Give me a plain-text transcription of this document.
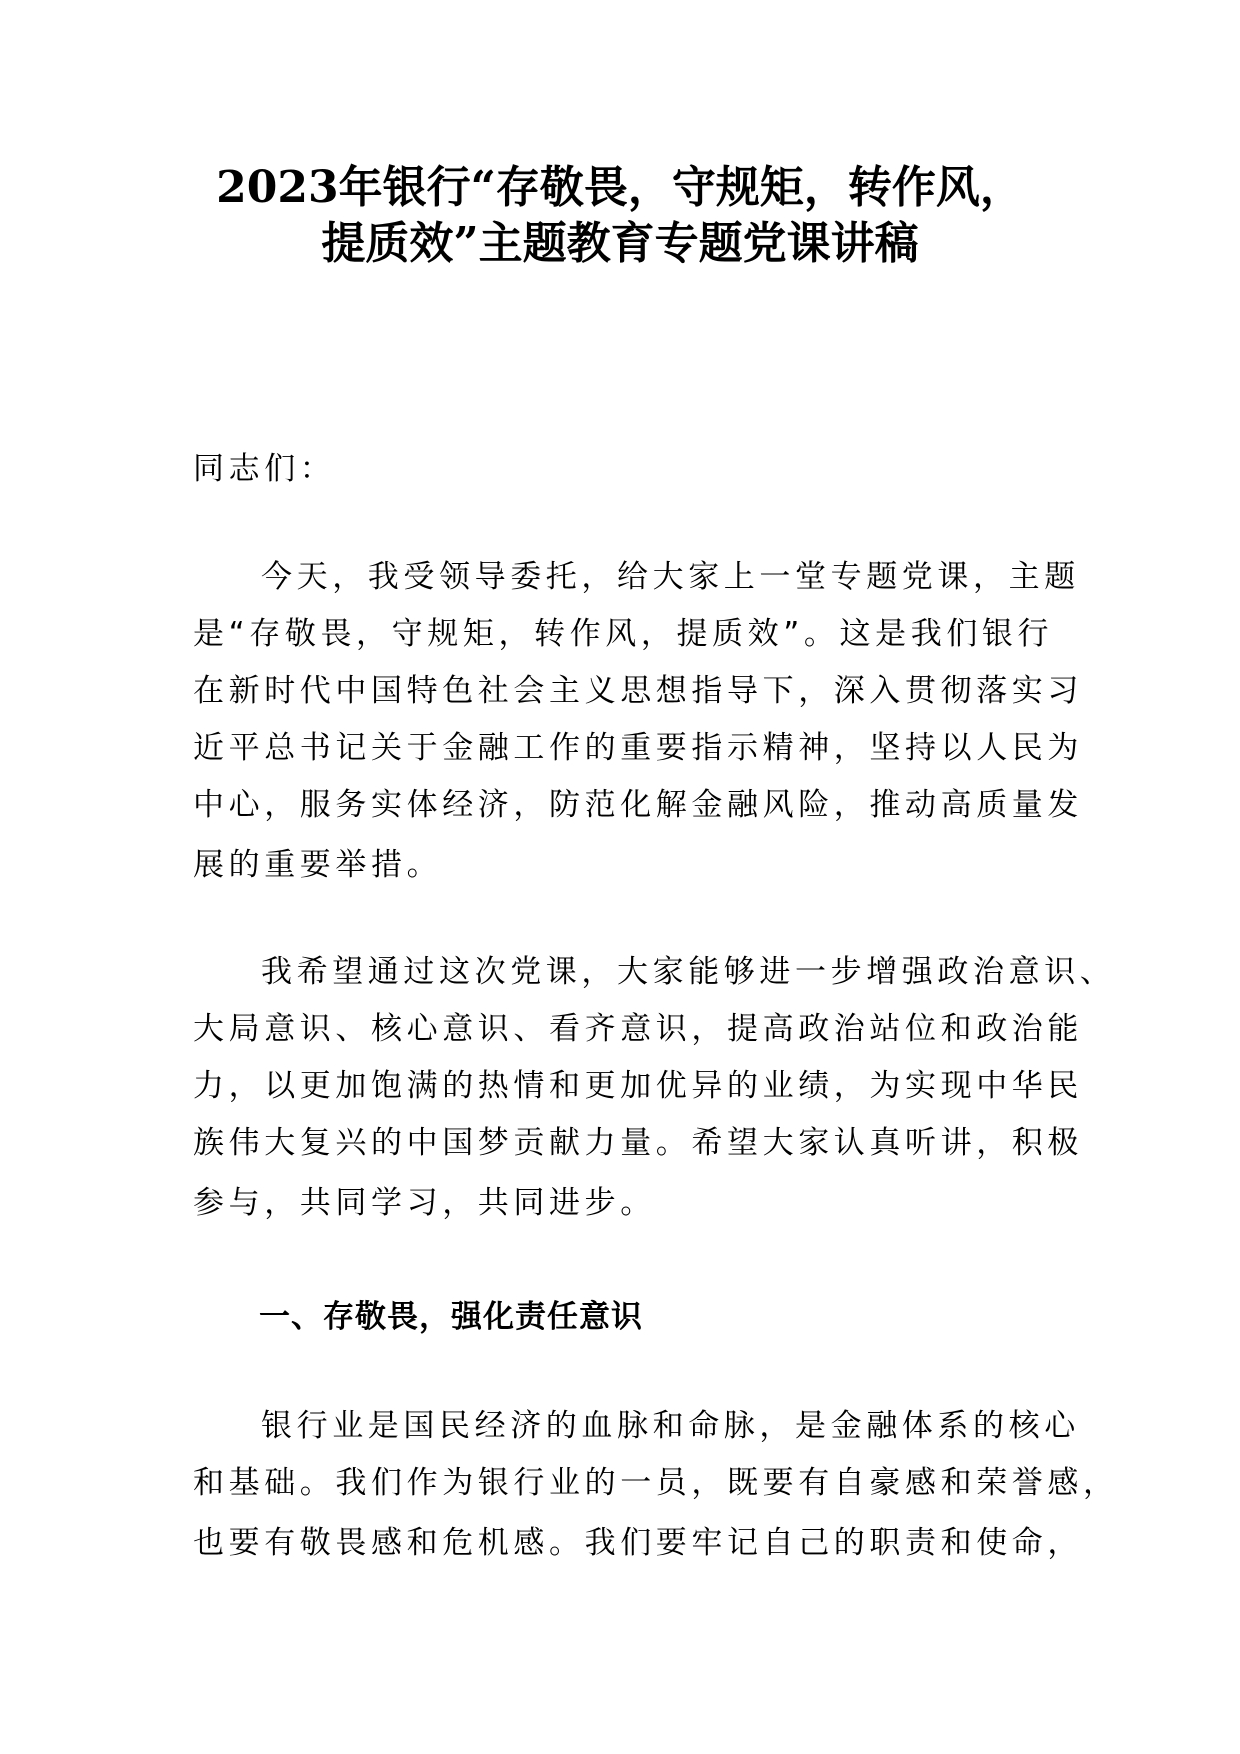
2023年银行“存敬畏，守规矩，转作风，
提质效”主题教育专题党课讲稿

同志们：

今天，我受领导委托，给大家上一堂专题党课，主题
是“存敬畏，守规矩，转作风，提质效”。这是我们银行
在新时代中国特色社会主义思想指导下，深入贯彻落实习
近平总书记关于金融工作的重要指示精神，坚持以人民为
中心，服务实体经济，防范化解金融风险，推动高质量发
展的重要举措。

我希望通过这次党课，大家能够进一步增强政治意识、
大局意识、核心意识、看齐意识，提高政治站位和政治能
力，以更加饱满的热情和更加优异的业绩，为实现中华民
族伟大复兴的中国梦贡献力量。希望大家认真听讲，积极
参与，共同学习，共同进步。

一、存敬畏，强化责任意识

银行业是国民经济的血脉和命脉，是金融体系的核心
和基础。我们作为银行业的一员，既要有自豪感和荣誉感，
也要有敬畏感和危机感。我们要牢记自己的职责和使命，
